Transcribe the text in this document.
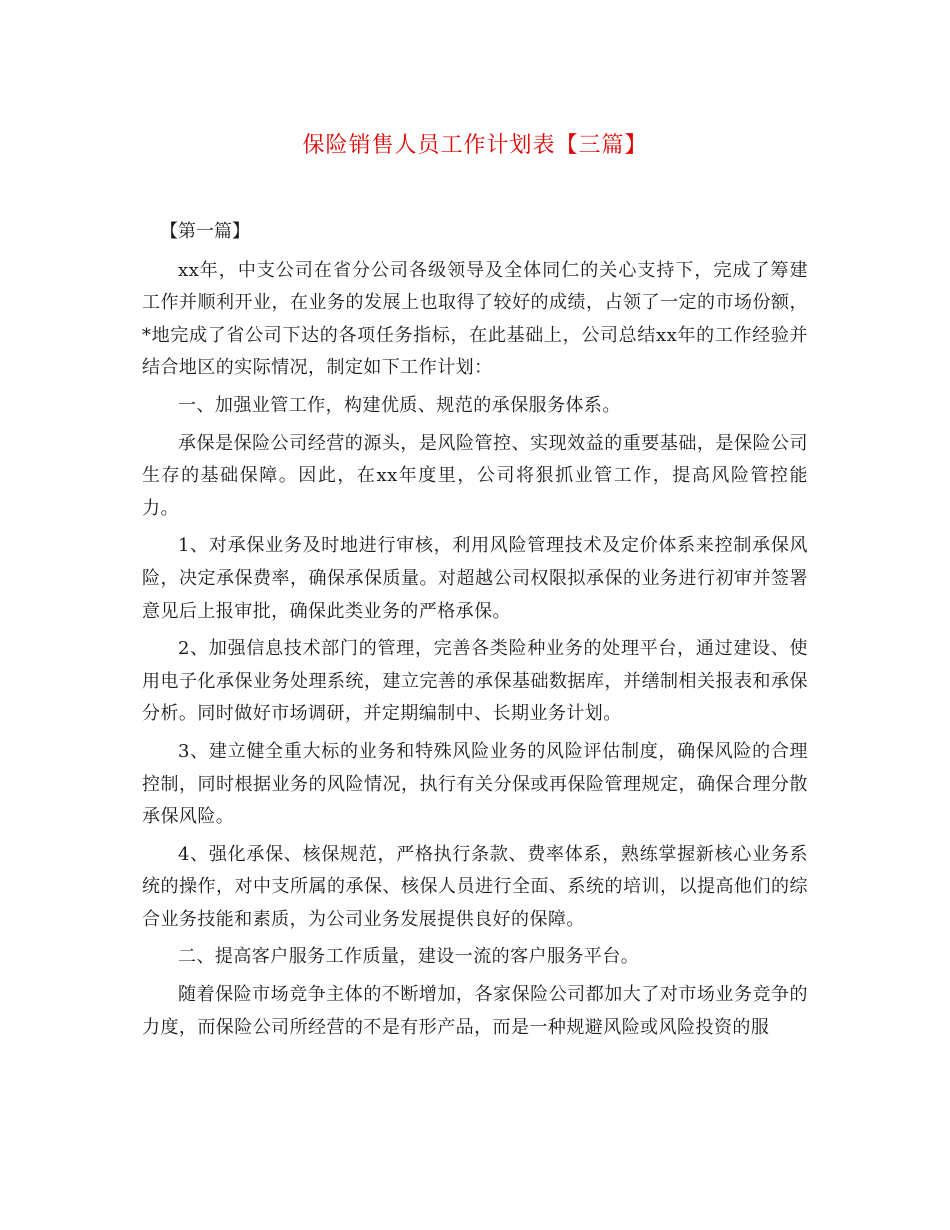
保险销售人员工作计划表【三篇】

【第一篇】

xx年，中支公司在省分公司各级领导及全体同仁的关心支持下，完成了筹建工作并顺利开业，在业务的发展上也取得了较好的成绩，占领了一定的市场份额，*地完成了省公司下达的各项任务指标，在此基础上，公司总结xx年的工作经验并结合地区的实际情况，制定如下工作计划：

一、加强业管工作，构建优质、规范的承保服务体系。

承保是保险公司经营的源头，是风险管控、实现效益的重要基础，是保险公司生存的基础保障。因此，在xx年度里，公司将狠抓业管工作，提高风险管控能力。

1、对承保业务及时地进行审核，利用风险管理技术及定价体系来控制承保风险，决定承保费率，确保承保质量。对超越公司权限拟承保的业务进行初审并签署意见后上报审批，确保此类业务的严格承保。

2、加强信息技术部门的管理，完善各类险种业务的处理平台，通过建设、使用电子化承保业务处理系统，建立完善的承保基础数据库，并缮制相关报表和承保分析。同时做好市场调研，并定期编制中、长期业务计划。

3、建立健全重大标的业务和特殊风险业务的风险评估制度，确保风险的合理控制，同时根据业务的风险情况，执行有关分保或再保险管理规定，确保合理分散承保风险。

4、强化承保、核保规范，严格执行条款、费率体系，熟练掌握新核心业务系统的操作，对中支所属的承保、核保人员进行全面、系统的培训，以提高他们的综合业务技能和素质，为公司业务发展提供良好的保障。

二、提高客户服务工作质量，建设一流的客户服务平台。

随着保险市场竞争主体的不断增加，各家保险公司都加大了对市场业务竞争的力度，而保险公司所经营的不是有形产品，而是一种规避风险或风险投资的服
